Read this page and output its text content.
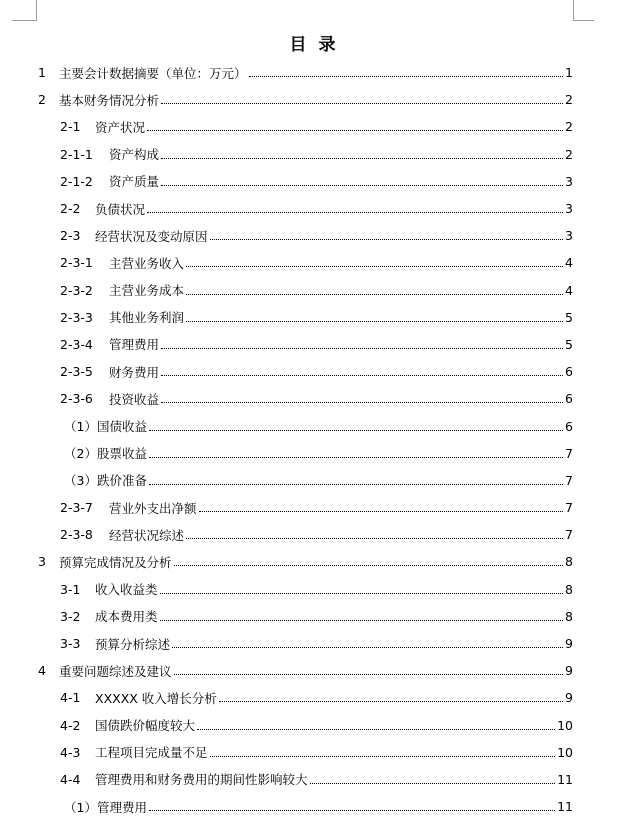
目 录
1	主要会计数据摘要（单位：万元）	1
2	基本财务情况分析	2
2-1	资产状况	2
2-1-1	资产构成	2
2-1-2	资产质量	3
2-2	负债状况	3
2-3	经营状况及变动原因	3
2-3-1	主营业务收入	4
2-3-2	主营业务成本	4
2-3-3	其他业务利润	5
2-3-4	管理费用	5
2-3-5	财务费用	6
2-3-6	投资收益	6
（1）国债收益	6
（2）股票收益	7
（3）跌价准备	7
2-3-7	营业外支出净额	7
2-3-8	经营状况综述	7
3	预算完成情况及分析	8
3-1	收入收益类	8
3-2	成本费用类	8
3-3	预算分析综述	9
4	重要问题综述及建议	9
4-1	XXXXX 收入增长分析	9
4-2	国债跌价幅度较大	10
4-3	工程项目完成量不足	10
4-4	管理费用和财务费用的期间性影响较大	11
（1）管理费用	11
